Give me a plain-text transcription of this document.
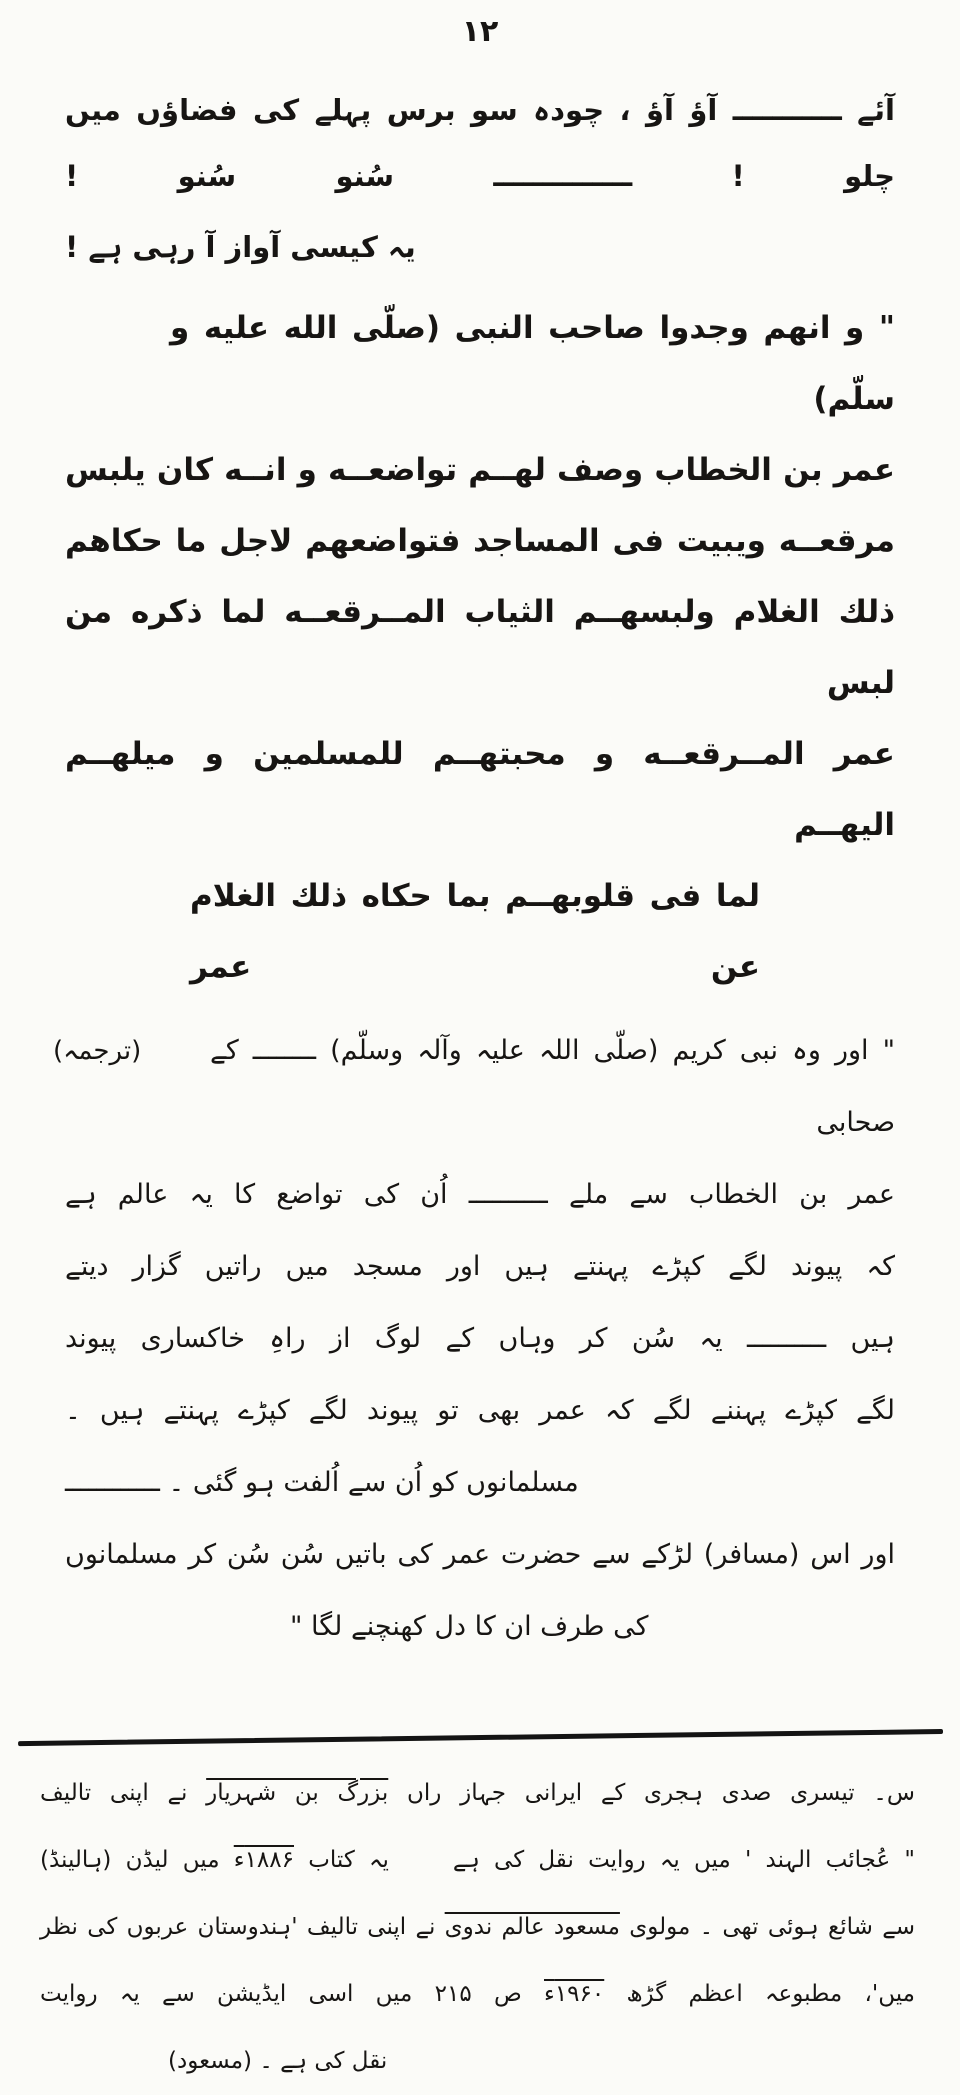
۱۲
آئے ـــــــــــ آؤ آؤ ، چودہ سو برس پہلے کی فضاؤں میں چلو ! ــــــــــــــ سُنو سُنو !
یہ کیسی آواز آ رہی ہے !
" و انهم وجدوا صاحب النبی (صلّی الله علیه و سلّم)
عمر بن الخطاب وصف لهــم تواضعــه و انــه كان يلبس
مرقعــه ويبيت فی المساجد فتواضعهم لاجل ما حكاهم
ذلك الغلام ولبسهــم الثياب المــرقعــه لما ذكره من لبس
عمر المــرقعــه و محبتهــم للمسلمين و ميلهــم اليهــم
لما فی قلوبهــم بما حكاه ذلك الغلام عن عمر
(ترجمہ)	" اور وہ نبی کریم (صلّی اللہ علیہ وآلہ وسلّم) ــــــــ کے صحابی
عمر بن الخطاب سے ملے ــــــــــ اُن کی تواضع کا یہ عالم ہے
کہ پیوند لگے کپڑے پہنتے ہیں اور مسجد میں راتیں گزار دیتے
ہیں ــــــــــ یہ سُن کر وہاں کے لوگ از راہِ خاکساری پیوند
لگے کپڑے پہننے لگے کہ عمر بھی تو پیوند لگے کپڑے پہنتے ہیں ۔
مسلمانوں کو اُن سے اُلفت ہو گئی ۔ ــــــــــــ
اور اس (مسافر) لڑکے سے حضرت عمر کی باتیں سُن سُن کر مسلمانوں
کی طرف ان کا دل کھنچنے لگا "
س۔ تیسری صدی ہجری کے ایرانی جہاز راں بزرگ بن شہریار نے اپنی تالیف
" عُجائب الہند ' میں یہ روایت نقل کی ہےیہ کتاب ۱۸۸۶ء میں لیڈن (ہالینڈ)
سے شائع ہوئی تھی ۔ مولوی مسعود عالم ندوی نے اپنی تالیف 'ہندوستان عربوں کی نظر
میں'، مطبوعہ اعظم گڑھ ۱۹۶۰ء ص ۲۱۵ میں اسی ایڈیشن سے یہ روایت
نقل کی ہے ۔ (مسعود)
